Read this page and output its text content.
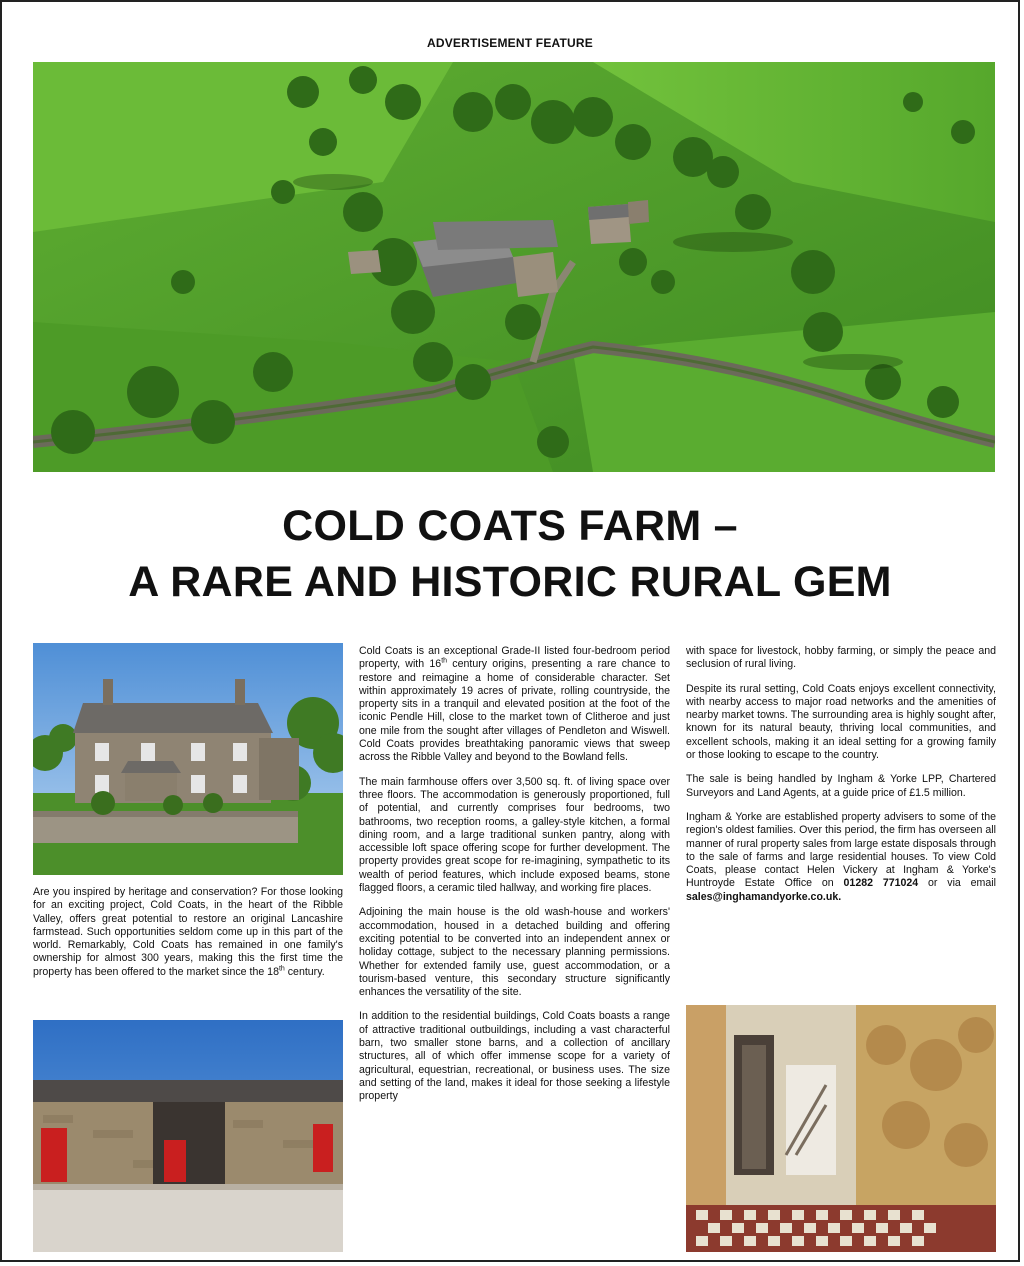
ADVERTISEMENT FEATURE
COLD COATS FARM –
A RARE AND HISTORIC RURAL GEM

Are you inspired by heritage and conservation? For those looking for an exciting project, Cold Coats, in the heart of the Ribble Valley, offers great potential to restore an original Lancashire farmstead. Such opportunities seldom come up in this part of the world. Remarkably, Cold Coats has remained in one family's ownership for almost 300 years, making this the first time the property has been offered to the market since the 18th century.

Cold Coats is an exceptional Grade-II listed four-bedroom period property, with 16th century origins, presenting a rare chance to restore and reimagine a home of considerable character. Set within approximately 19 acres of private, rolling countryside, the property sits in a tranquil and elevated position at the foot of the iconic Pendle Hill, close to the market town of Clitheroe and just one mile from the sought after villages of Pendleton and Wiswell. Cold Coats provides breathtaking panoramic views that sweep across the Ribble Valley and beyond to the Bowland fells.

The main farmhouse offers over 3,500 sq. ft. of living space over three floors. The accommodation is generously proportioned, full of potential, and currently comprises four bedrooms, two bathrooms, two reception rooms, a galley-style kitchen, a formal dining room, and a large traditional sunken pantry, along with accessible loft space offering scope for further development. The property provides great scope for re-imagining, sympathetic to its wealth of period features, which include exposed beams, stone flagged floors, a ceramic tiled hallway, and working fire places.

Adjoining the main house is the old wash-house and workers' accommodation, housed in a detached building and offering exciting potential to be converted into an independent annex or holiday cottage, subject to the necessary planning permissions. Whether for extended family use, guest accommodation, or a tourism-based venture, this secondary structure significantly enhances the versatility of the site.

In addition to the residential buildings, Cold Coats boasts a range of attractive traditional outbuildings, including a vast characterful barn, two smaller stone barns, and a collection of ancillary structures, all of which offer immense scope for a variety of agricultural, equestrian, recreational, or business uses. The size and setting of the land, makes it ideal for those seeking a lifestyle property

with space for livestock, hobby farming, or simply the peace and seclusion of rural living.

Despite its rural setting, Cold Coats enjoys excellent connectivity, with nearby access to major road networks and the amenities of nearby market towns. The surrounding area is highly sought after, known for its natural beauty, thriving local communities, and excellent schools, making it an ideal setting for a growing family or those looking to escape to the country.

The sale is being handled by Ingham & Yorke LPP, Chartered Surveyors and Land Agents, at a guide price of £1.5 million.

Ingham & Yorke are established property advisers to some of the region's oldest families. Over this period, the firm has overseen all manner of rural property sales from large estate disposals through to the sale of farms and large residential houses. To view Cold Coats, please contact Helen Vickery at Ingham & Yorke's Huntroyde Estate Office on 01282 771024 or via email sales@inghamandyorke.co.uk.
